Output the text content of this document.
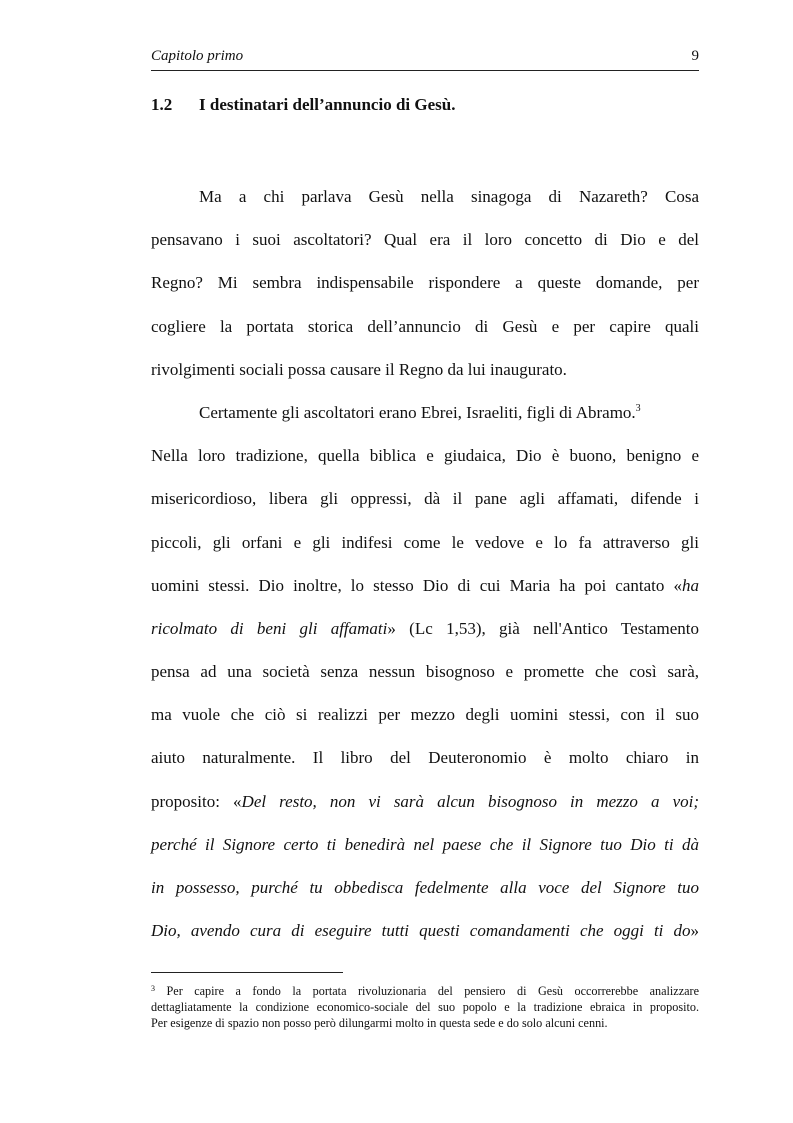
Capitolo primo	9
1.2 I destinatari dell’annuncio di Gesù.
Ma a chi parlava Gesù nella sinagoga di Nazareth? Cosa
pensavano i suoi ascoltatori? Qual era il loro concetto di Dio e del
Regno? Mi sembra indispensabile rispondere a queste domande, per
cogliere la portata storica dell’annuncio di Gesù e per capire quali
rivolgimenti sociali possa causare il Regno da lui inaugurato.
Certamente gli ascoltatori erano Ebrei, Israeliti, figli di Abramo.$^3$
Nella loro tradizione, quella biblica e giudaica, Dio è buono, benigno e
misericordioso, libera gli oppressi, dà il pane agli affamati, difende i
piccoli, gli orfani e gli indifesi come le vedove e lo fa attraverso gli
uomini stessi. Dio inoltre, lo stesso Dio di cui Maria ha poi cantato «ha
ricolmato di beni gli affamati» (Lc 1,53), già nell'Antico Testamento
pensa ad una società senza nessun bisognoso e promette che così sarà,
ma vuole che ciò si realizzi per mezzo degli uomini stessi, con il suo
aiuto naturalmente. Il libro del Deuteronomio è molto chiaro in
proposito: «Del resto, non vi sarà alcun bisognoso in mezzo a voi;
perché il Signore certo ti benedirà nel paese che il Signore tuo Dio ti dà
in possesso, purché tu obbedisca fedelmente alla voce del Signore tuo
Dio, avendo cura di eseguire tutti questi comandamenti che oggi ti do»
$^3$ Per capire a fondo la portata rivoluzionaria del pensiero di Gesù occorrerebbe analizzare
dettagliatamente la condizione economico-sociale del suo popolo e la tradizione ebraica in proposito.
Per esigenze di spazio non posso però dilungarmi molto in questa sede e do solo alcuni cenni.
